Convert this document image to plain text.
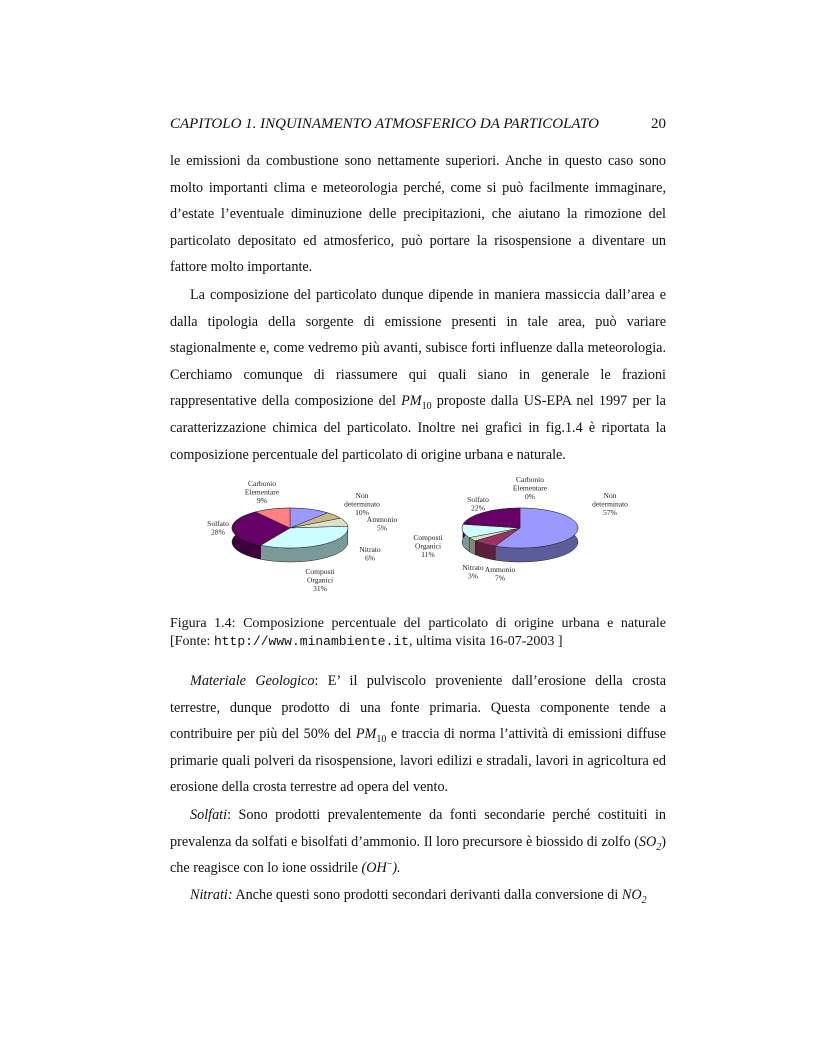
CAPITOLO 1. INQUINAMENTO ATMOSFERICO DA PARTICOLATO	20

le emissioni da combustione sono nettamente superiori. Anche in questo caso sono molto importanti clima e meteorologia perché, come si può facilmente immaginare, d’estate l’eventuale diminuzione delle precipitazioni, che aiutano la rimozione del particolato depositato ed atmosferico, può portare la risospensione a diventare un fattore molto importante.

La composizione del particolato dunque dipende in maniera massiccia dall’area e dalla tipologia della sorgente di emissione presenti in tale area, può variare stagionalmente e, come vedremo più avanti, subisce forti influenze dalla meteorologia. Cerchiamo comunque di riassumere qui quali siano in generale le frazioni rappresentative della composizione del $PM_{10}$ proposte dalla US-EPA nel 1997 per la caratterizzazione chimica del particolato. Inoltre nei grafici in fig.1.4 è riportata la composizione percentuale del particolato di origine urbana e naturale.

Non determinato 10%
Ammonio 5%
Nitrato 6%
Composti Organici 31%
Solfato 28%
Carbonio Elementare 9%
Non determinato 57%
Ammonio 7%
Nitrato 3%
Composti Organici 11%
Solfato 22%
Carbonio Elementare 0%

Figura 1.4: Composizione percentuale del particolato di origine urbana e naturale [Fonte: http://www.minambiente.it, ultima visita 16-07-2003 ]

Materiale Geologico: E’ il pulviscolo proveniente dall’erosione della crosta terrestre, dunque prodotto di una fonte primaria. Questa componente tende a contribuire per più del 50% del $PM_{10}$ e traccia di norma l’attività di emissioni diffuse primarie quali polveri da risospensione, lavori edilizi e stradali, lavori in agricoltura ed erosione della crosta terrestre ad opera del vento.

Solfati: Sono prodotti prevalentemente da fonti secondarie perché costituiti in prevalenza da solfati e bisolfati d’ammonio. Il loro precursore è biossido di zolfo $(SO_2)$ che reagisce con lo ione ossidrile (OH−).

Nitrati: Anche questi sono prodotti secondari derivanti dalla conversione di $NO_2$
